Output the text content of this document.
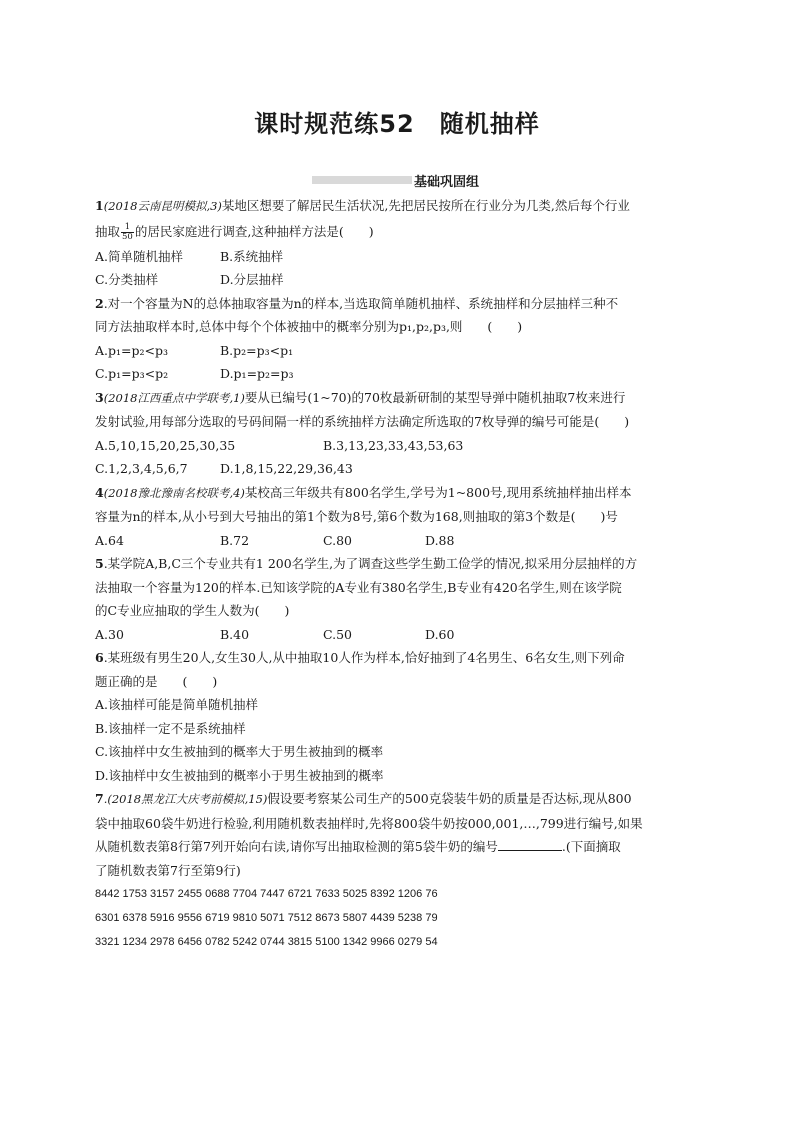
课时规范练52　随机抽样
基础巩固组

1(2018云南昆明模拟,3)某地区想要了解居民生活状况,先把居民按所在行业分为几类,然后每个行业

抽取 $\frac{1}{50}$ 的居民家庭进行调查,这种抽样方法是(　　)

A.简单随机抽样	B.系统抽样

C.分类抽样	D.分层抽样

2.对一个容量为N的总体抽取容量为n的样本,当选取简单随机抽样、系统抽样和分层抽样三种不

同方法抽取样本时,总体中每个个体被抽中的概率分别为p₁,p₂,p₃,则　　(　　)

A.p₁=p₂<p₃	B.p₂=p₃<p₁

C.p₁=p₃<p₂	D.p₁=p₂=p₃

3(2018江西重点中学联考,1)要从已编号(1~70)的70枚最新研制的某型导弹中随机抽取7枚来进行

发射试验,用每部分选取的号码间隔一样的系统抽样方法确定所选取的7枚导弹的编号可能是(　　)

A.5,10,15,20,25,30,35	B.3,13,23,33,43,53,63

C.1,2,3,4,5,6,7	D.1,8,15,22,29,36,43

4(2018豫北豫南名校联考,4)某校高三年级共有800名学生,学号为1~800号,现用系统抽样抽出样本

容量为n的样本,从小号到大号抽出的第1个数为8号,第6个数为168,则抽取的第3个数是(　　)号

A.64	B.72	C.80	D.88

5.某学院A,B,C三个专业共有1 200名学生,为了调查这些学生勤工俭学的情况,拟采用分层抽样的方

法抽取一个容量为120的样本.已知该学院的A专业有380名学生,B专业有420名学生,则在该学院

的C专业应抽取的学生人数为(　　)

A.30	B.40	C.50	D.60

6.某班级有男生20人,女生30人,从中抽取10人作为样本,恰好抽到了4名男生、6名女生,则下列命

题正确的是　　(　　)

A.该抽样可能是简单随机抽样

B.该抽样一定不是系统抽样

C.该抽样中女生被抽到的概率大于男生被抽到的概率

D.该抽样中女生被抽到的概率小于男生被抽到的概率

7.(2018黑龙江大庆考前模拟,15)假设要考察某公司生产的500克袋装牛奶的质量是否达标,现从800

袋中抽取60袋牛奶进行检验,利用随机数表抽样时,先将800袋牛奶按000,001,…,799进行编号,如果

从随机数表第8行第7列开始向右读,请你写出抽取检测的第5袋牛奶的编号	.(下面摘取

了随机数表第7行至第9行)

8442 1753 3157 2455 0688 7704 7447 6721 7633 5025 8392 1206 76

6301 6378 5916 9556 6719 9810 5071 7512 8673 5807 4439 5238 79

3321 1234 2978 6456 0782 5242 0744 3815 5100 1342 9966 0279 54
